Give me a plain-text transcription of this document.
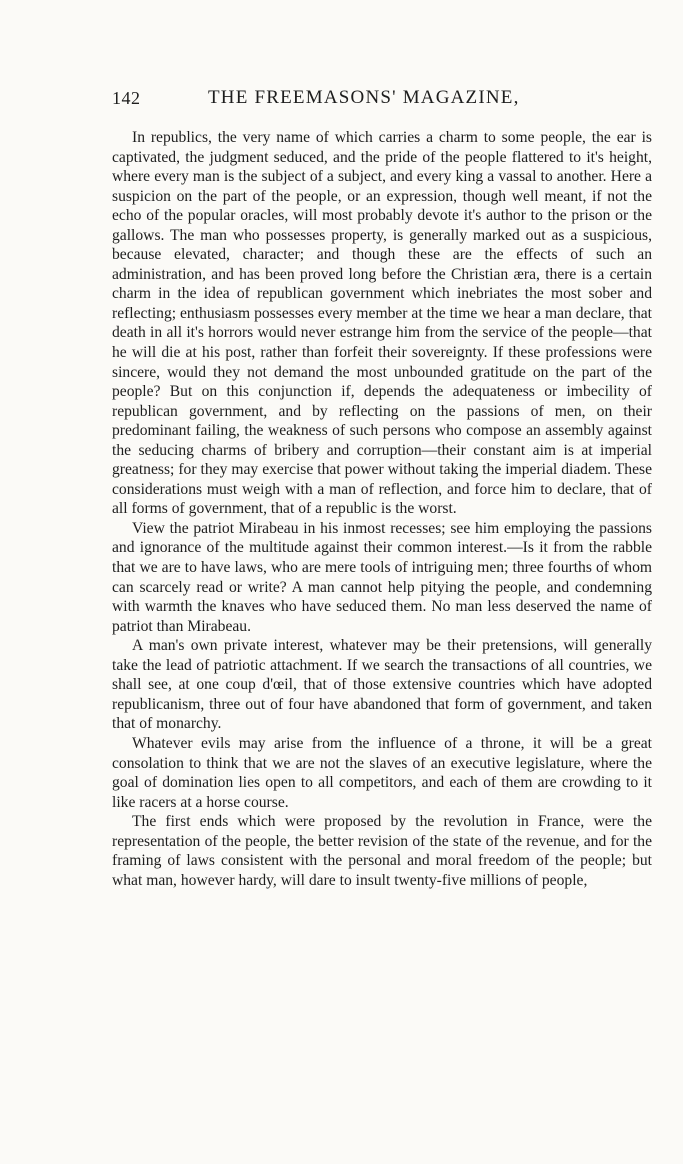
142	THE FREEMASONS' MAGAZINE,

In republics, the very name of which carries a charm to some people, the ear is captivated, the judgment seduced, and the pride of the people flattered to it's height, where every man is the subject of a subject, and every king a vassal to another. Here a suspicion on the part of the people, or an expression, though well meant, if not the echo of the popular oracles, will most probably devote it's author to the prison or the gallows. The man who possesses property, is generally marked out as a suspicious, because elevated, character; and though these are the effects of such an administration, and has been proved long before the Christian æra, there is a certain charm in the idea of republican government which inebriates the most sober and reflecting; enthusiasm possesses every member at the time we hear a man declare, that death in all it's horrors would never estrange him from the service of the people—that he will die at his post, rather than forfeit their sovereignty. If these professions were sincere, would they not demand the most unbounded gratitude on the part of the people? But on this conjunction if, depends the adequateness or imbecility of republican government, and by reflecting on the passions of men, on their predominant failing, the weakness of such persons who compose an assembly against the seducing charms of bribery and corruption—their constant aim is at imperial greatness; for they may exercise that power without taking the imperial diadem. These considerations must weigh with a man of reflection, and force him to declare, that of all forms of government, that of a republic is the worst.

View the patriot Mirabeau in his inmost recesses; see him employing the passions and ignorance of the multitude against their common interest.—Is it from the rabble that we are to have laws, who are mere tools of intriguing men; three fourths of whom can scarcely read or write? A man cannot help pitying the people, and condemning with warmth the knaves who have seduced them. No man less deserved the name of patriot than Mirabeau.

A man's own private interest, whatever may be their pretensions, will generally take the lead of patriotic attachment. If we search the transactions of all countries, we shall see, at one coup d'œil, that of those extensive countries which have adopted republicanism, three out of four have abandoned that form of government, and taken that of monarchy.

Whatever evils may arise from the influence of a throne, it will be a great consolation to think that we are not the slaves of an executive legislature, where the goal of domination lies open to all competitors, and each of them are crowding to it like racers at a horse course.

The first ends which were proposed by the revolution in France, were the representation of the people, the better revision of the state of the revenue, and for the framing of laws consistent with the personal and moral freedom of the people; but what man, however hardy, will dare to insult twenty-five millions of people,
